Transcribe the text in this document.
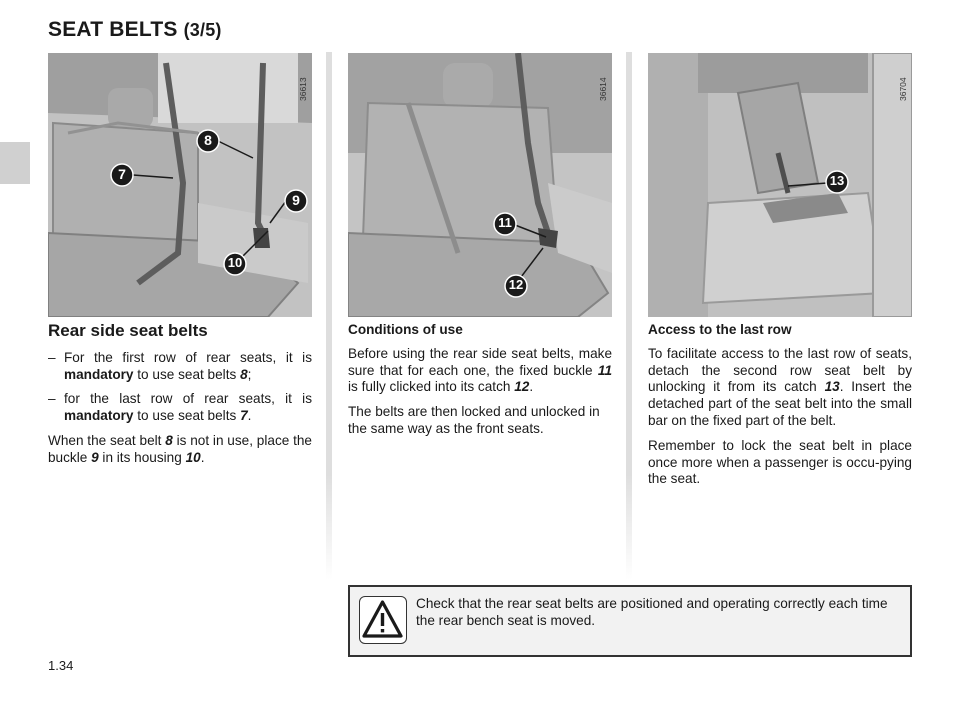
SEAT BELTS (3/5)
8
7
9
10
36613
11
12
36614
13
36704
Rear side seat belts
– For the first row of rear seats, it is mandatory to use seat belts 8;
– for the last row of rear seats, it is mandatory to use seat belts 7.

When the seat belt 8 is not in use, place the buckle 9 in its housing 10.

Conditions of use

Before using the rear side seat belts, make sure that for each one, the fixed buckle 11 is fully clicked into its catch 12.

The belts are then locked and unlocked in the same way as the front seats.

Access to the last row

To facilitate access to the last row of seats, detach the second row seat belt by unlocking it from its catch 13. Insert the detached part of the seat belt into the small bar on the fixed part of the belt.

Remember to lock the seat belt in place once more when a passenger is occu-pying the seat.

Check that the rear seat belts are positioned and operating correctly each time the rear bench seat is moved.
1.34
